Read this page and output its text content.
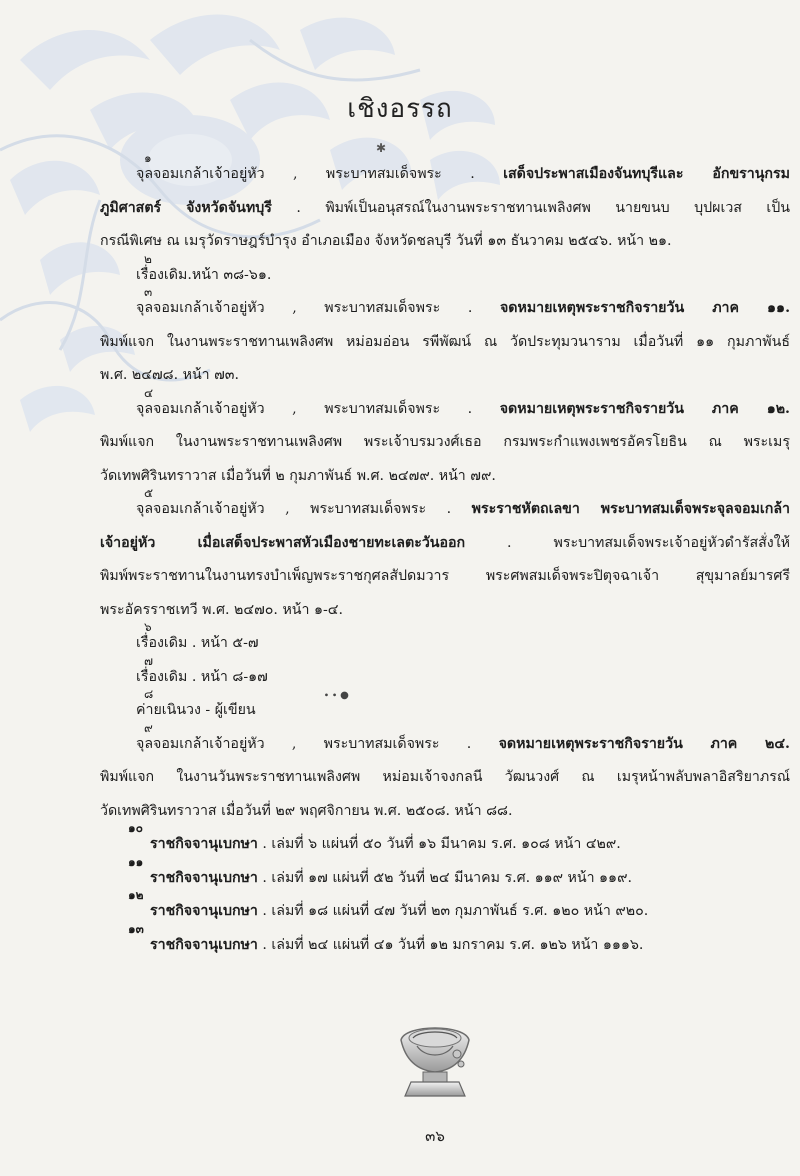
เชิงอรรถ
✱
๑
จุลจอมเกล้าเจ้าอยู่หัว , พระบาทสมเด็จพระ . เสด็จประพาสเมืองจันทบุรีและ อักขรานุกรม
ภูมิศาสตร์ จังหวัดจันทบุรี . พิมพ์เป็นอนุสรณ์ในงานพระราชทานเพลิงศพ นายขนบ บุปผเวส เป็น
กรณีพิเศษ ณ เมรุวัดราษฎร์บำรุง อำเภอเมือง จังหวัดชลบุรี วันที่ ๑๓ ธันวาคม ๒๕๔๖. หน้า ๒๑.
๒
เรื่องเดิม.หน้า ๓๘-๖๑.
๓
จุลจอมเกล้าเจ้าอยู่หัว , พระบาทสมเด็จพระ . จดหมายเหตุพระราชกิจรายวัน ภาค ๑๑.
พิมพ์แจก ในงานพระราชทานเพลิงศพ หม่อมอ่อน รพีพัฒน์ ณ วัดประทุมวนาราม เมื่อวันที่ ๑๑ กุมภาพันธ์
พ.ศ. ๒๔๗๘. หน้า ๗๓.
๔
จุลจอมเกล้าเจ้าอยู่หัว , พระบาทสมเด็จพระ . จดหมายเหตุพระราชกิจรายวัน ภาค ๑๒.
พิมพ์แจก ในงานพระราชทานเพลิงศพ พระเจ้าบรมวงศ์เธอ กรมพระกำแพงเพชรอัครโยธิน ณ พระเมรุ
วัดเทพศิรินทราวาส เมื่อวันที่ ๒ กุมภาพันธ์ พ.ศ. ๒๔๗๙. หน้า ๗๙.
๕
จุลจอมเกล้าเจ้าอยู่หัว , พระบาทสมเด็จพระ . พระราชหัตถเลขา พระบาทสมเด็จพระจุลจอมเกล้า
เจ้าอยู่หัว เมื่อเสด็จประพาสหัวเมืองชายทะเลตะวันออก . พระบาทสมเด็จพระเจ้าอยู่หัวดำรัสสั่งให้
พิมพ์พระราชทานในงานทรงบำเพ็ญพระราชกุศลสัปดมวาร พระศพสมเด็จพระปิตุจฉาเจ้า สุขุมาลย์มารศรี
พระอัครราชเทวี พ.ศ. ๒๔๗๐. หน้า ๑-๔.
๖
เรื่องเดิม . หน้า ๕-๗
๗
เรื่องเดิม . หน้า ๘-๑๗
๘
ค่ายเนินวง - ผู้เขียน
๙
จุลจอมเกล้าเจ้าอยู่หัว , พระบาทสมเด็จพระ . จดหมายเหตุพระราชกิจรายวัน ภาค ๒๔.
พิมพ์แจก ในงานวันพระราชทานเพลิงศพ หม่อมเจ้าจงกลนี วัฒนวงศ์ ณ เมรุหน้าพลับพลาอิสริยาภรณ์
วัดเทพศิรินทราวาส เมื่อวันที่ ๒๙ พฤศจิกายน พ.ศ. ๒๕๐๘. หน้า ๘๘.
๑๐
ราชกิจจานุเบกษา . เล่มที่ ๖ แผ่นที่ ๕๐ วันที่ ๑๖ มีนาคม ร.ศ. ๑๐๘ หน้า ๔๒๙.
๑๑
ราชกิจจานุเบกษา . เล่มที่ ๑๗ แผ่นที่ ๕๒ วันที่ ๒๔ มีนาคม ร.ศ. ๑๑๙ หน้า ๑๑๙.
๑๒
ราชกิจจานุเบกษา . เล่มที่ ๑๘ แผ่นที่ ๔๗ วันที่ ๒๓ กุมภาพันธ์ ร.ศ. ๑๒๐ หน้า ๙๒๐.
๑๓
ราชกิจจานุเบกษา . เล่มที่ ๒๔ แผ่นที่ ๔๑ วันที่ ๑๒ มกราคม ร.ศ. ๑๒๖ หน้า ๑๑๑๖.
∙ ∙ ●
๓๖
